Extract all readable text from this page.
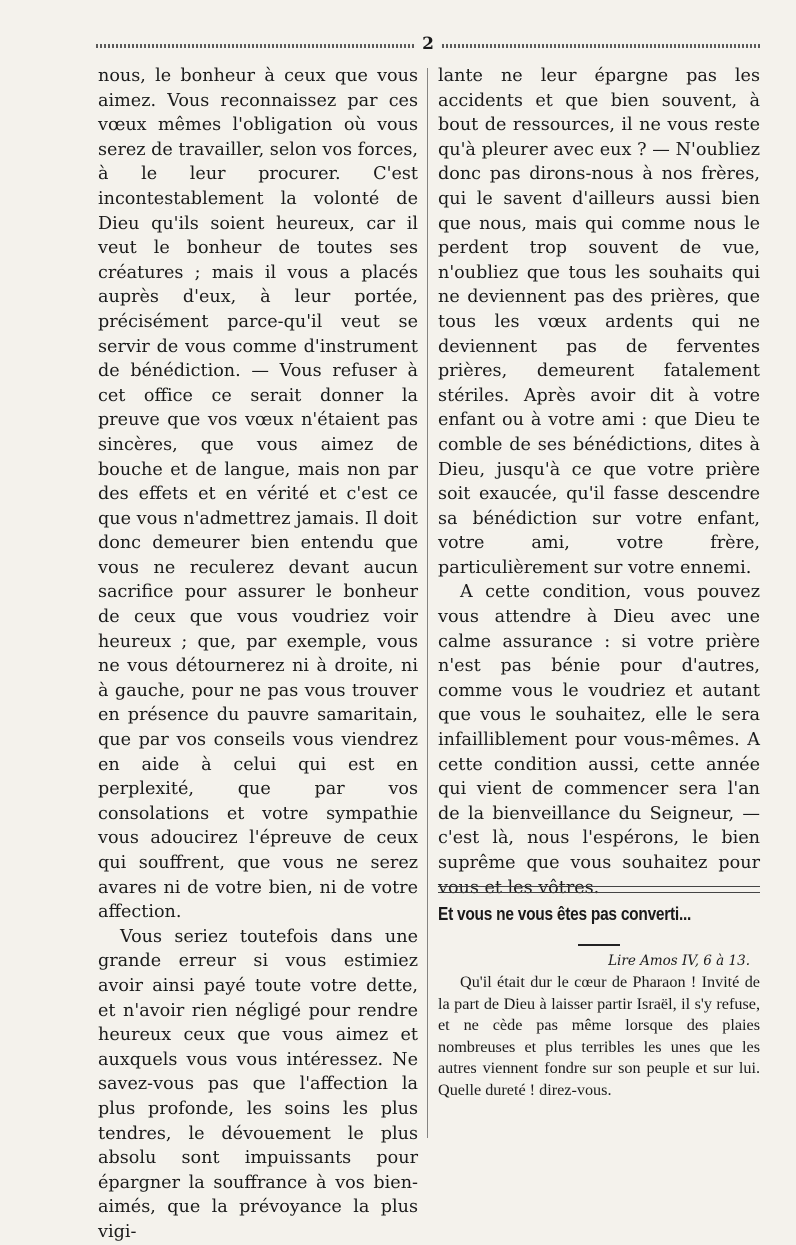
2

nous, le bonheur à ceux que vous aimez. Vous reconnaissez par ces vœux mêmes l'obligation où vous serez de travailler, selon vos forces, à le leur procurer. C'est incontestablement la volonté de Dieu qu'ils soient heureux, car il veut le bonheur de toutes ses créatures ; mais il vous a placés auprès d'eux, à leur portée, précisément parce-qu'il veut se servir de vous comme d'instrument de bénédiction. — Vous refuser à cet office ce serait donner la preuve que vos vœux n'étaient pas sincères, que vous aimez de bouche et de langue, mais non par des effets et en vérité et c'est ce que vous n'admettrez jamais. Il doit donc demeurer bien entendu que vous ne reculerez devant aucun sacrifice pour assurer le bonheur de ceux que vous voudriez voir heureux ; que, par exemple, vous ne vous détournerez ni à droite, ni à gauche, pour ne pas vous trouver en présence du pauvre samaritain, que par vos conseils vous viendrez en aide à celui qui est en perplexité, que par vos consolations et votre sympathie vous adoucirez l'épreuve de ceux qui souffrent, que vous ne serez avares ni de votre bien, ni de votre affection.

Vous seriez toutefois dans une grande erreur si vous estimiez avoir ainsi payé toute votre dette, et n'avoir rien négligé pour rendre heureux ceux que vous aimez et auxquels vous vous intéressez. Ne savez-vous pas que l'affection la plus profonde, les soins les plus tendres, le dévouement le plus absolu sont impuissants pour épargner la souffrance à vos bien-aimés, que la prévoyance la plus vigi-

lante ne leur épargne pas les accidents et que bien souvent, à bout de ressources, il ne vous reste qu'à pleurer avec eux ? — N'oubliez donc pas dirons-nous à nos frères, qui le savent d'ailleurs aussi bien que nous, mais qui comme nous le perdent trop souvent de vue, n'oubliez que tous les souhaits qui ne deviennent pas des prières, que tous les vœux ardents qui ne deviennent pas de ferventes prières, demeurent fatalement stériles. Après avoir dit à votre enfant ou à votre ami : que Dieu te comble de ses bénédictions, dites à Dieu, jusqu'à ce que votre prière soit exaucée, qu'il fasse descendre sa bénédiction sur votre enfant, votre ami, votre frère, particulièrement sur votre ennemi.

A cette condition, vous pouvez vous attendre à Dieu avec une calme assurance : si votre prière n'est pas bénie pour d'autres, comme vous le voudriez et autant que vous le souhaitez, elle le sera infailliblement pour vous-mêmes. A cette condition aussi, cette année qui vient de commencer sera l'an de la bienveillance du Seigneur, — c'est là, nous l'espérons, le bien suprême que vous souhaitez pour vous et les vôtres.

Et vous ne vous êtes pas converti...
Lire Amos IV, 6 à 13.

Qu'il était dur le cœur de Pharaon ! Invité de la part de Dieu à laisser partir Israël, il s'y refuse, et ne cède pas même lorsque des plaies nombreuses et plus terribles les unes que les autres viennent fondre sur son peuple et sur lui. Quelle dureté ! direz-vous.
